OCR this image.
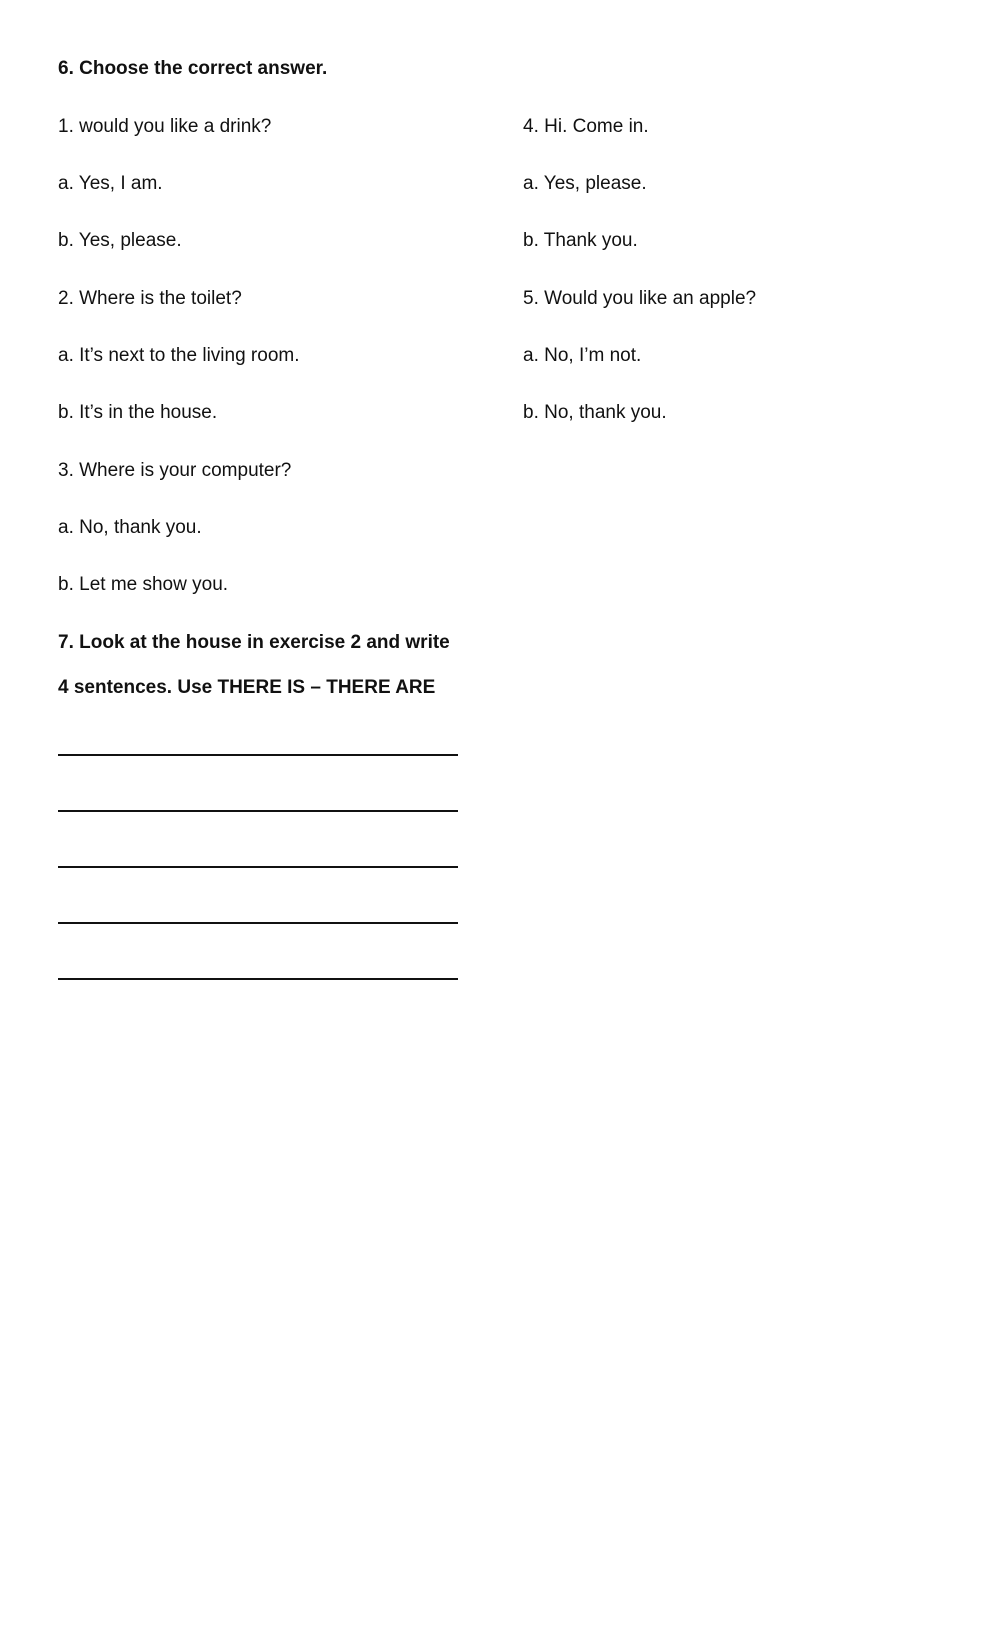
6. Choose the correct answer.
1. would you like a drink?
a. Yes, I am.
b. Yes, please.
2. Where is the toilet?
a. It’s next to the living room.
b. It’s in the house.
3. Where is your computer?
a. No, thank you.
b. Let me show you.
4. Hi. Come in.
a. Yes, please.
b. Thank you.
5. Would you like an apple?
a. No, I’m not.
b. No, thank you.
7. Look at the house in exercise 2 and write
4 sentences. Use THERE IS – THERE ARE
